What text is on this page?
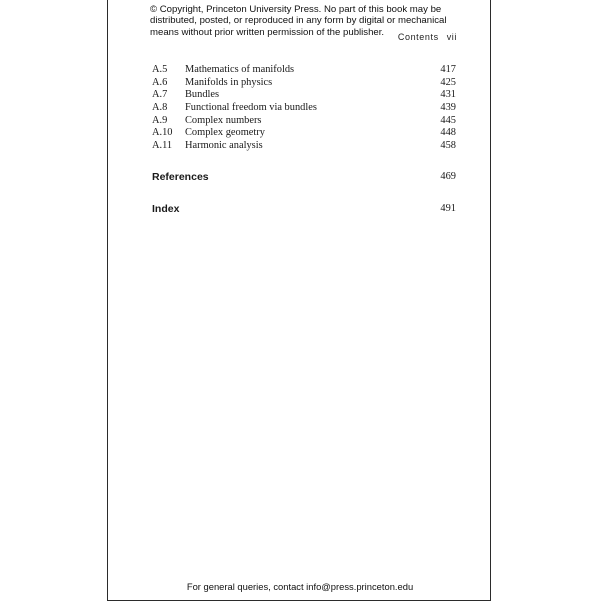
© Copyright, Princeton University Press. No part of this book may be
distributed, posted, or reproduced in any form by digital or mechanical
means without prior written permission of the publisher.	Contents vii
A.5 Mathematics of manifolds	417
A.6 Manifolds in physics	425
A.7 Bundles	431
A.8 Functional freedom via bundles	439
A.9 Complex numbers	445
A.10 Complex geometry	448
A.11 Harmonic analysis	458
References	469
Index	491
For general queries, contact info@press.princeton.edu
